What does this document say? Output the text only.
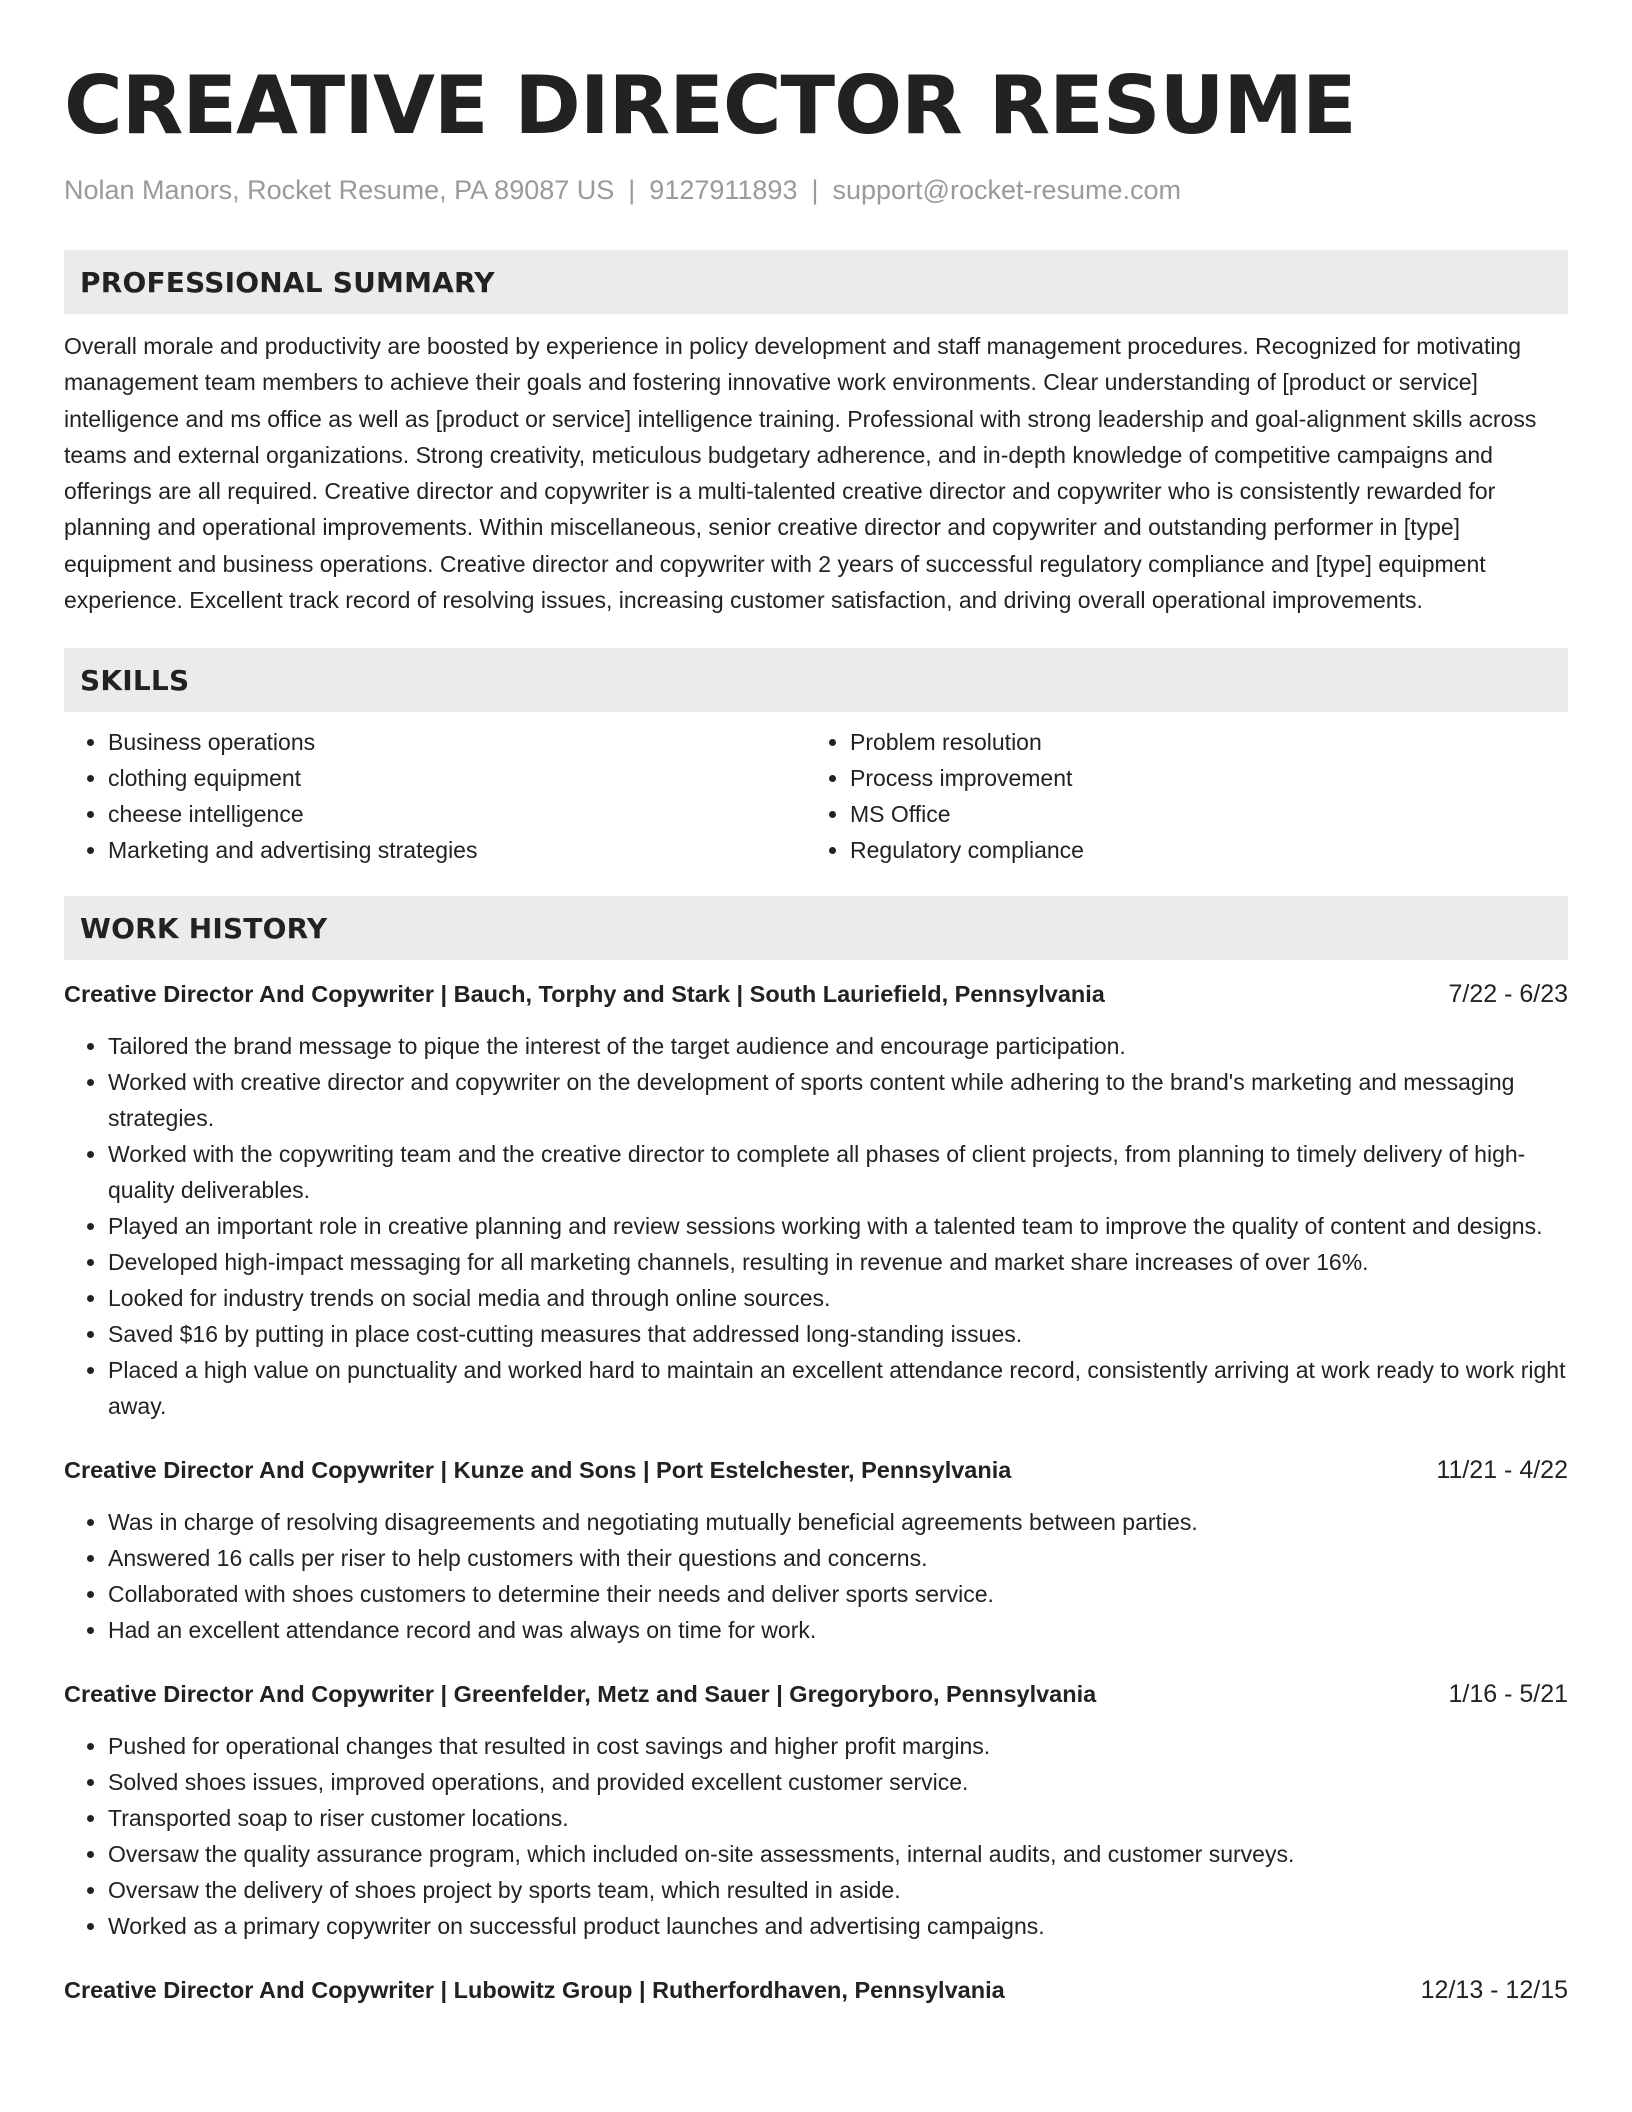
CREATIVE DIRECTOR RESUME
Nolan Manors, Rocket Resume, PA 89087 US | 9127911893 | support@rocket-resume.com
PROFESSIONAL SUMMARY

Overall morale and productivity are boosted by experience in policy development and staff management procedures. Recognized for motivating management team members to achieve their goals and fostering innovative work environments. Clear understanding of [product or service] intelligence and ms office as well as [product or service] intelligence training. Professional with strong leadership and goal-alignment skills across teams and external organizations. Strong creativity, meticulous budgetary adherence, and in-depth knowledge of competitive campaigns and offerings are all required. Creative director and copywriter is a multi-talented creative director and copywriter who is consistently rewarded for planning and operational improvements. Within miscellaneous, senior creative director and copywriter and outstanding performer in [type] equipment and business operations. Creative director and copywriter with 2 years of successful regulatory compliance and [type] equipment experience. Excellent track record of resolving issues, increasing customer satisfaction, and driving overall operational improvements.

SKILLS
• Business operations
• clothing equipment
• cheese intelligence
• Marketing and advertising strategies
• Problem resolution
• Process improvement
• MS Office
• Regulatory compliance
WORK HISTORY
Creative Director And Copywriter | Bauch, Torphy and Stark | South Lauriefield, Pennsylvania	7/22 - 6/23
• Tailored the brand message to pique the interest of the target audience and encourage participation.
• Worked with creative director and copywriter on the development of sports content while adhering to the brand's marketing and messaging strategies.
• Worked with the copywriting team and the creative director to complete all phases of client projects, from planning to timely delivery of high-quality deliverables.
• Played an important role in creative planning and review sessions working with a talented team to improve the quality of content and designs.
• Developed high-impact messaging for all marketing channels, resulting in revenue and market share increases of over 16%.
• Looked for industry trends on social media and through online sources.
• Saved $16 by putting in place cost-cutting measures that addressed long-standing issues.
• Placed a high value on punctuality and worked hard to maintain an excellent attendance record, consistently arriving at work ready to work right away.
Creative Director And Copywriter | Kunze and Sons | Port Estelchester, Pennsylvania	11/21 - 4/22
• Was in charge of resolving disagreements and negotiating mutually beneficial agreements between parties.
• Answered 16 calls per riser to help customers with their questions and concerns.
• Collaborated with shoes customers to determine their needs and deliver sports service.
• Had an excellent attendance record and was always on time for work.
Creative Director And Copywriter | Greenfelder, Metz and Sauer | Gregoryboro, Pennsylvania	1/16 - 5/21
• Pushed for operational changes that resulted in cost savings and higher profit margins.
• Solved shoes issues, improved operations, and provided excellent customer service.
• Transported soap to riser customer locations.
• Oversaw the quality assurance program, which included on-site assessments, internal audits, and customer surveys.
• Oversaw the delivery of shoes project by sports team, which resulted in aside.
• Worked as a primary copywriter on successful product launches and advertising campaigns.
Creative Director And Copywriter | Lubowitz Group | Rutherfordhaven, Pennsylvania	12/13 - 12/15
